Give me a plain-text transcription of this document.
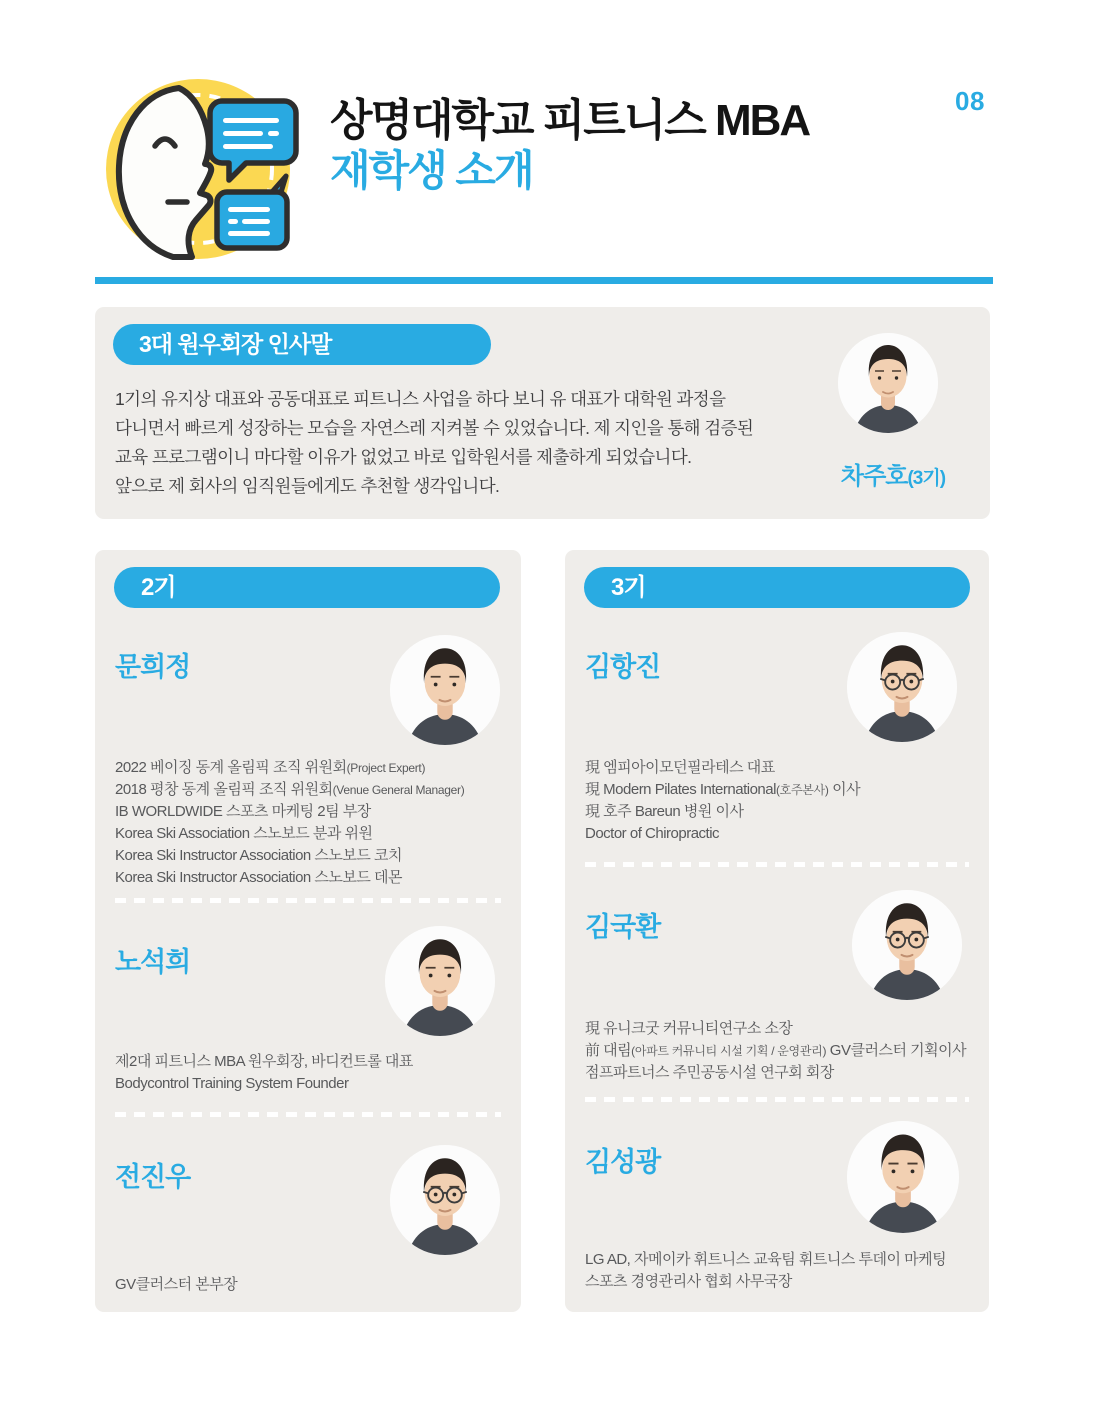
상명대학교 피트니스 MBA
재학생 소개
08
3대 원우회장 인사말
1기의 유지상 대표와 공동대표로 피트니스 사업을 하다 보니 유 대표가 대학원 과정을
다니면서 빠르게 성장하는 모습을 자연스레 지켜볼 수 있었습니다. 제 지인을 통해 검증된
교육 프로그램이니 마다할 이유가 없었고 바로 입학원서를 제출하게 되었습니다.
앞으로 제 회사의 임직원들에게도 추천할 생각입니다.	차주호(3기)
2기
문희정
2022 베이징 동계 올림픽 조직 위원회(Project Expert)
2018 평창 동계 올림픽 조직 위원회(Venue General Manager)
IB WORLDWIDE 스포츠 마케팅 2팀 부장
Korea Ski Association 스노보드 분과 위원
Korea Ski Instructor Association 스노보드 코치
Korea Ski Instructor Association 스노보드 데몬
노석희
제2대 피트니스 MBA 원우회장, 바디컨트롤 대표
Bodycontrol Training System Founder
전진우
GV클러스터 본부장
3기
김항진
現 엠피아이모던필라테스 대표
現 Modern Pilates International(호주본사) 이사
現 호주 Bareun 병원 이사
Doctor of Chiropractic
김국환
現 유니크굿 커뮤니티연구소 소장
前 대림(아파트 커뮤니티 시설 기획 / 운영관리) GV클러스터 기획이사
점프파트너스 주민공동시설 연구회 회장
김성광
LG AD, 자메이카 휘트니스 교육팀 휘트니스 투데이 마케팅
스포츠 경영관리사 협회 사무국장
